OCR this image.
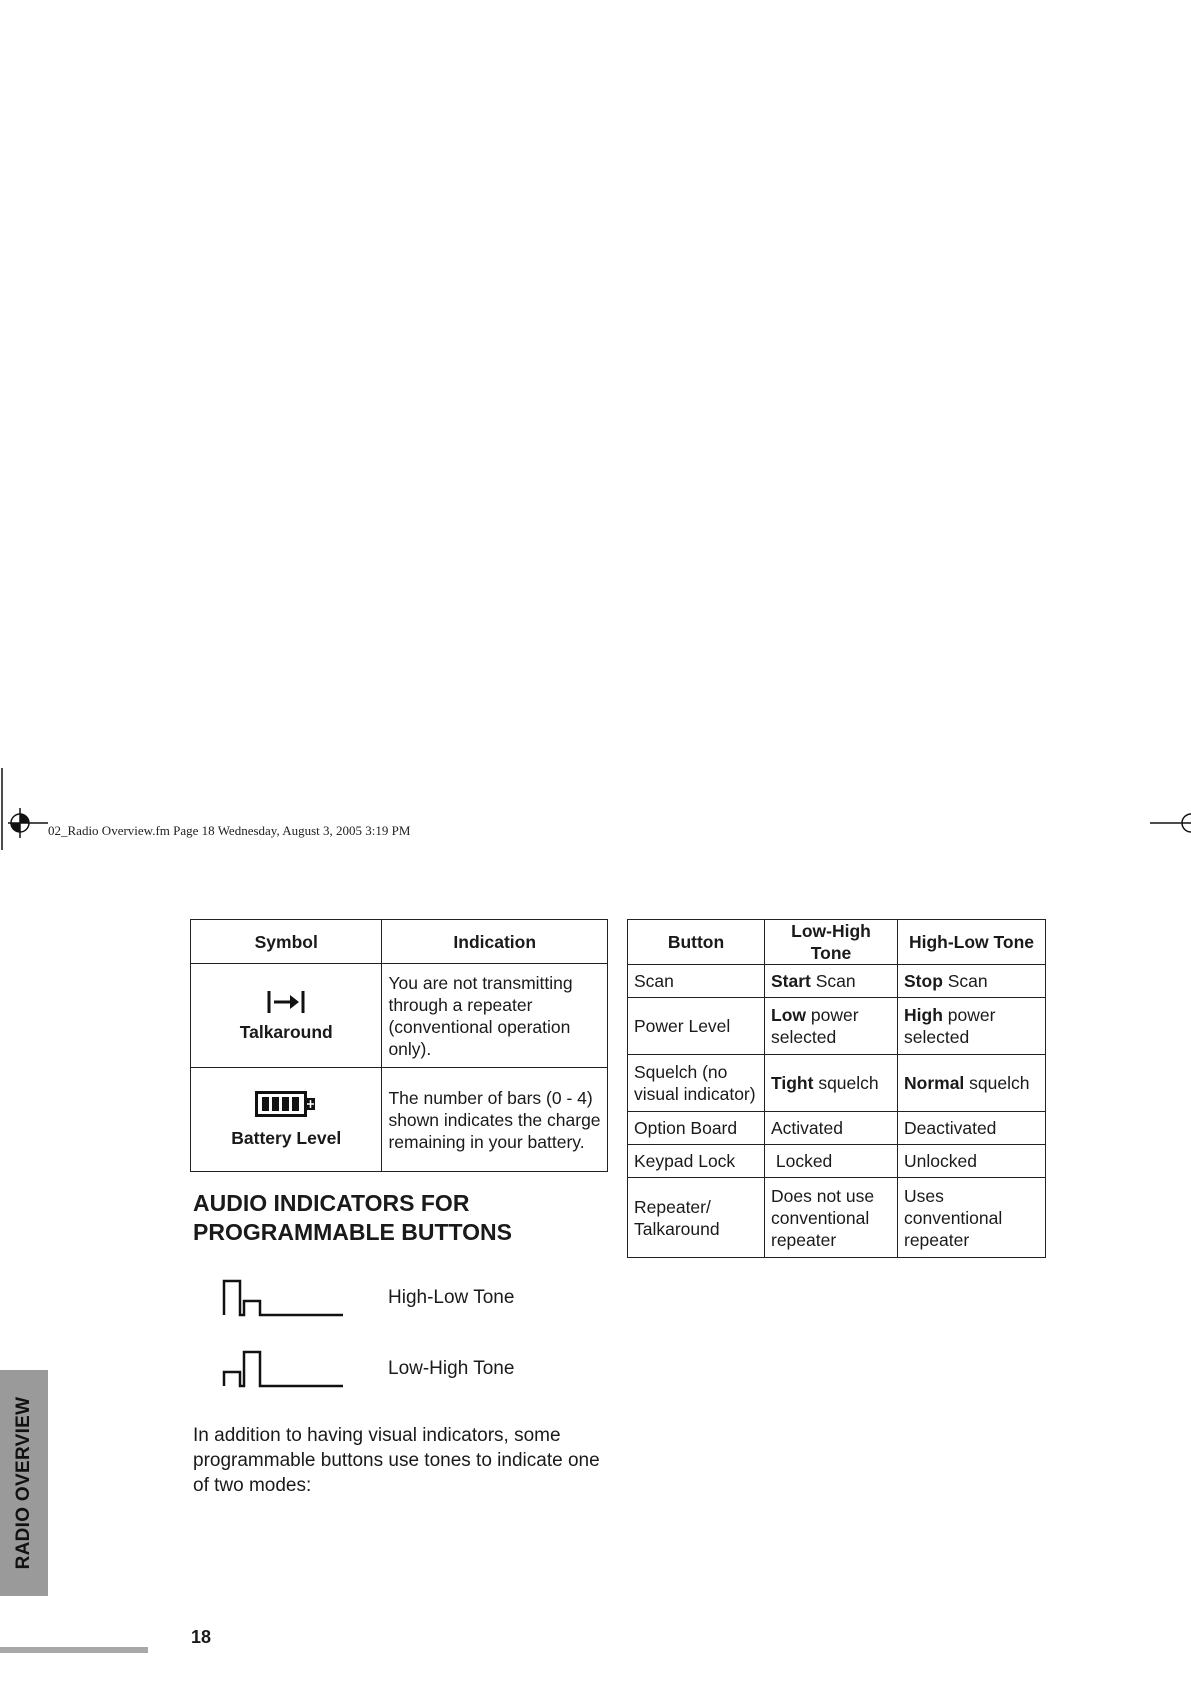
02_Radio Overview.fm Page 18 Wednesday, August 3, 2005 3:19 PM
Symbol	Indication

Talkaround	You are not transmitting through a repeater (conventional operation only).

Battery Level	The number of bars (0 - 4) shown indicates the charge remaining in your battery.
AUDIO INDICATORS FOR
PROGRAMMABLE BUTTONS
High-Low Tone
Low-High Tone
In addition to having visual indicators, some programmable buttons use tones to indicate one of two modes:
Button	Low-High Tone	High-Low Tone
Scan	Start Scan	Stop Scan
Power Level	Low power selected	High power selected
Squelch (no visual indicator)	Tight squelch	Normal squelch
Option Board	Activated	Deactivated
Keypad Lock	Locked	Unlocked
Repeater/ Talkaround	Does not use conventional repeater	Uses conventional repeater
RADIO OVERVIEW
18
